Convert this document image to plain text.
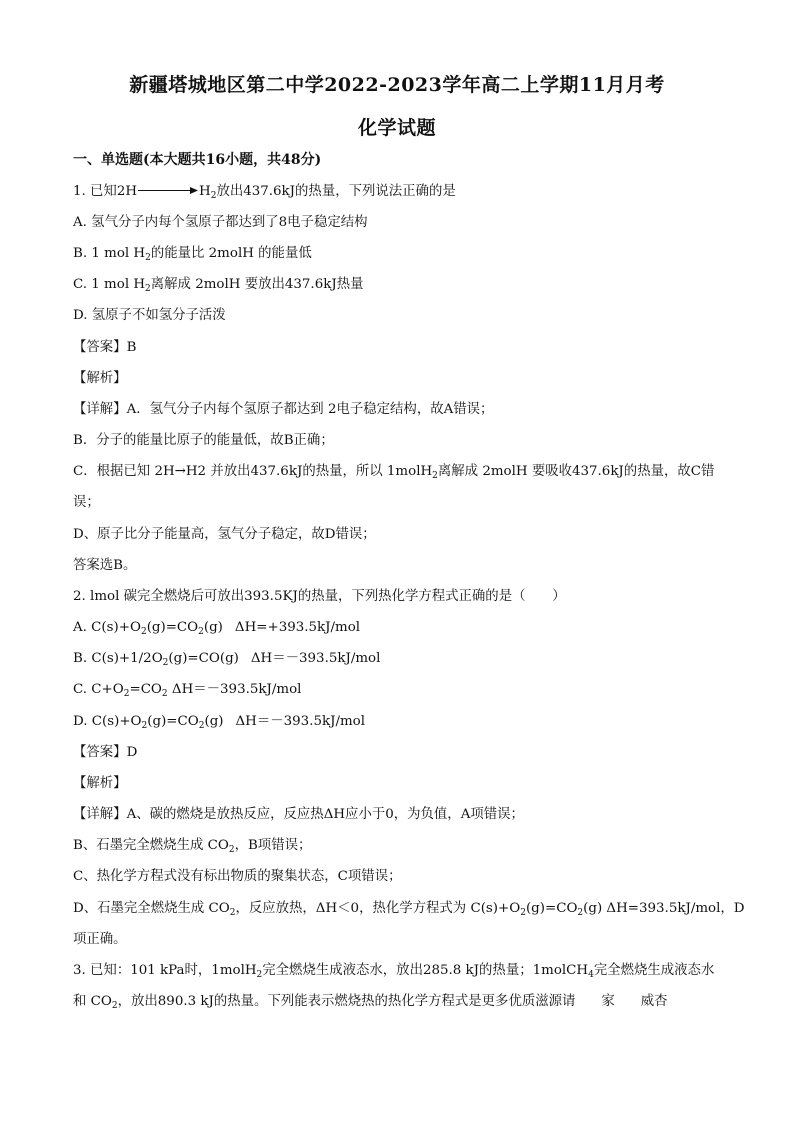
新疆塔城地区第二中学2022-2023学年高二上学期11月月考
化学试题
一、单选题(本大题共16小题，共48分)
1. 已知2H	$H_2$放出437.6kJ的热量，下列说法正确的是
A. 氢气分子内每个氢原子都达到了8电子稳定结构
B. 1 mol $H_2$的能量比 2molH 的能量低
C. 1 mol $H_2$离解成 2molH 要放出437.6kJ热量
D. 氢原子不如氢分子活泼
【答案】B
【解析】
【详解】A．氢气分子内每个氢原子都达到 2电子稳定结构，故A错误；
B．分子的能量比原子的能量低，故B正确；
C．根据已知 2H→H2 并放出437.6kJ的热量，所以 1molH$_2$离解成 2molH 要吸收437.6kJ的热量，故C错
误；
D、原子比分子能量高，氢气分子稳定，故D错误；
答案选B。
2. lmol 碳完全燃烧后可放出393.5KJ的热量，下列热化学方程式正确的是（　　）
A. $C(s)+O_2(g)=CO_2(g)$ ΔH=+393.5kJ/mol
B. $C(s)+1/2O_2(g)=CO(g)$ ΔH＝－393.5kJ/mol
C. $C+O_2=CO_2$ ΔH＝－393.5kJ/mol
D. $C(s)+O_2(g)=CO_2(g)$ ΔH＝－393.5kJ/mol
【答案】D
【解析】
【详解】A、碳的燃烧是放热反应，反应热ΔH应小于0，为负值，A项错误；
B、石墨完全燃烧生成 $CO_2$，B项错误；
C、热化学方程式没有标出物质的聚集状态，C项错误；
D、石墨完全燃烧生成 $CO_2$，反应放热，ΔH＜0，热化学方程式为 $C(s)+O_2(g)=CO_2(g)$ ΔH=393.5kJ/mol，D
项正确。
3. 已知：101 kPa时，1molH$_2$完全燃烧生成液态水，放出285.8 kJ的热量；1molCH$_4$完全燃烧生成液态水
和 $CO_2$，放出890.3 kJ的热量。下列能表示燃烧热的热化学方程式是更多优质滋源请 家 威杏
